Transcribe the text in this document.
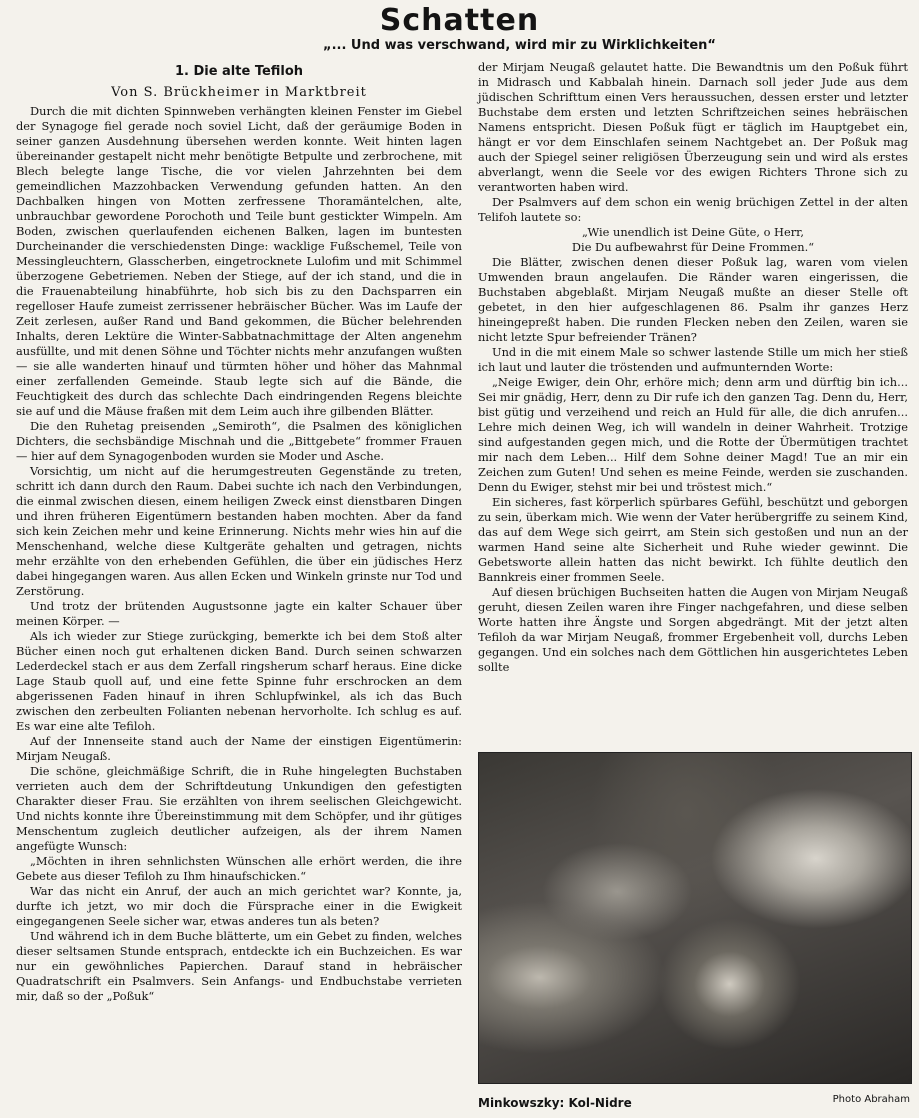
Schatten
„... Und was verschwand, wird mir zu Wirklichkeiten“
1. Die alte Tefiloh
Von S. Brückheimer in Marktbreit

Durch die mit dichten Spinnweben verhängten kleinen Fenster im Giebel der Synagoge fiel gerade noch soviel Licht, daß der geräumige Boden in seiner ganzen Ausdehnung übersehen werden konnte. Weit hinten lagen übereinander gestapelt nicht mehr benötigte Betpulte und zerbrochene, mit Blech belegte lange Tische, die vor vielen Jahrzehnten bei dem gemeindlichen Mazzohbacken Verwendung gefunden hatten. An den Dachbalken hingen von Motten zerfressene Thoramäntelchen, alte, unbrauchbar gewordene Porochoth und Teile bunt gestickter Wimpeln. Am Boden, zwischen querlaufenden eichenen Balken, lagen im buntesten Durcheinander die verschiedensten Dinge: wacklige Fußschemel, Teile von Messingleuchtern, Glasscherben, eingetrocknete Lulofim und mit Schimmel überzogene Gebetriemen. Neben der Stiege, auf der ich stand, und die in die Frauenabteilung hinabführte, hob sich bis zu den Dachsparren ein regelloser Haufe zumeist zerrissener hebräischer Bücher. Was im Laufe der Zeit zerlesen, außer Rand und Band gekommen, die Bücher belehrenden Inhalts, deren Lektüre die Winter-Sabbatnachmittage der Alten angenehm ausfüllte, und mit denen Söhne und Töchter nichts mehr anzufangen wußten — sie alle wanderten hinauf und türmten höher und höher das Mahnmal einer zerfallenden Gemeinde. Staub legte sich auf die Bände, die Feuchtigkeit des durch das schlechte Dach eindringenden Regens bleichte sie auf und die Mäuse fraßen mit dem Leim auch ihre gilbenden Blätter.

Die den Ruhetag preisenden „Semiroth“, die Psalmen des königlichen Dichters, die sechsbändige Mischnah und die „Bittgebete“ frommer Frauen — hier auf dem Synagogenboden wurden sie Moder und Asche.

Vorsichtig, um nicht auf die herumgestreuten Gegenstände zu treten, schritt ich dann durch den Raum. Dabei suchte ich nach den Verbindungen, die einmal zwischen diesen, einem heiligen Zweck einst dienstbaren Dingen und ihren früheren Eigentümern bestanden haben mochten. Aber da fand sich kein Zeichen mehr und keine Erinnerung. Nichts mehr wies hin auf die Menschenhand, welche diese Kultgeräte gehalten und getragen, nichts mehr erzählte von den erhebenden Gefühlen, die über ein jüdisches Herz dabei hingegangen waren. Aus allen Ecken und Winkeln grinste nur Tod und Zerstörung.

Und trotz der brütenden Augustsonne jagte ein kalter Schauer über meinen Körper. —

Als ich wieder zur Stiege zurückging, bemerkte ich bei dem Stoß alter Bücher einen noch gut erhaltenen dicken Band. Durch seinen schwarzen Lederdeckel stach er aus dem Zerfall ringsherum scharf heraus. Eine dicke Lage Staub quoll auf, und eine fette Spinne fuhr erschrocken an dem abgerissenen Faden hinauf in ihren Schlupfwinkel, als ich das Buch zwischen den zerbeulten Folianten nebenan hervorholte. Ich schlug es auf. Es war eine alte Tefiloh.

Auf der Innenseite stand auch der Name der einstigen Eigentümerin: Mirjam Neugaß.

Die schöne, gleichmäßige Schrift, die in Ruhe hingelegten Buchstaben verrieten auch dem der Schriftdeutung Unkundigen den gefestigten Charakter dieser Frau. Sie erzählten von ihrem seelischen Gleichgewicht. Und nichts konnte ihre Übereinstimmung mit dem Schöpfer, und ihr gütiges Menschentum zugleich deutlicher aufzeigen, als der ihrem Namen angefügte Wunsch:

„Möchten in ihren sehnlichsten Wünschen alle erhört werden, die ihre Gebete aus dieser Tefiloh zu Ihm hinaufschicken.“

War das nicht ein Anruf, der auch an mich gerichtet war? Konnte, ja, durfte ich jetzt, wo mir doch die Fürsprache einer in die Ewigkeit eingegangenen Seele sicher war, etwas anderes tun als beten?

Und während ich in dem Buche blätterte, um ein Gebet zu finden, welches dieser seltsamen Stunde entsprach, entdeckte ich ein Buchzeichen. Es war nur ein gewöhnliches Papierchen. Darauf stand in hebräischer Quadratschrift ein Psalmvers. Sein Anfangs- und Endbuchstabe verrieten mir, daß so der „Poßuk“

der Mirjam Neugaß gelautet hatte. Die Bewandtnis um den Poßuk führt in Midrasch und Kabbalah hinein. Darnach soll jeder Jude aus dem jüdischen Schrifttum einen Vers heraussuchen, dessen erster und letzter Buchstabe dem ersten und letzten Schriftzeichen seines hebräischen Namens entspricht. Diesen Poßuk fügt er täglich im Hauptgebet ein, hängt er vor dem Einschlafen seinem Nachtgebet an. Der Poßuk mag auch der Spiegel seiner religiösen Überzeugung sein und wird als erstes abverlangt, wenn die Seele vor des ewigen Richters Throne sich zu verantworten haben wird.

Der Psalmvers auf dem schon ein wenig brüchigen Zettel in der alten Telifoh lautete so:

„Wie unendlich ist Deine Güte, o Herr,

Die Du aufbewahrst für Deine Frommen.“

Die Blätter, zwischen denen dieser Poßuk lag, waren vom vielen Umwenden braun angelaufen. Die Ränder waren eingerissen, die Buchstaben abgeblaßt. Mirjam Neugaß mußte an dieser Stelle oft gebetet, in den hier aufgeschlagenen 86. Psalm ihr ganzes Herz hineingepreßt haben. Die runden Flecken neben den Zeilen, waren sie nicht letzte Spur befreiender Tränen?

Und in die mit einem Male so schwer lastende Stille um mich her stieß ich laut und lauter die tröstenden und aufmunternden Worte:

„Neige Ewiger, dein Ohr, erhöre mich; denn arm und dürftig bin ich... Sei mir gnädig, Herr, denn zu Dir rufe ich den ganzen Tag. Denn du, Herr, bist gütig und verzeihend und reich an Huld für alle, die dich anrufen... Lehre mich deinen Weg, ich will wandeln in deiner Wahrheit. Trotzige sind aufgestanden gegen mich, und die Rotte der Übermütigen trachtet mir nach dem Leben... Hilf dem Sohne deiner Magd! Tue an mir ein Zeichen zum Guten! Und sehen es meine Feinde, werden sie zuschanden. Denn du Ewiger, stehst mir bei und tröstest mich.“

Ein sicheres, fast körperlich spürbares Gefühl, beschützt und geborgen zu sein, überkam mich. Wie wenn der Vater herübergriffe zu seinem Kind, das auf dem Wege sich geirrt, am Stein sich gestoßen und nun an der warmen Hand seine alte Sicherheit und Ruhe wieder gewinnt. Die Gebetsworte allein hatten das nicht bewirkt. Ich fühlte deutlich den Bannkreis einer frommen Seele.

Auf diesen brüchigen Buchseiten hatten die Augen von Mirjam Neugaß geruht, diesen Zeilen waren ihre Finger nachgefahren, und diese selben Worte hatten ihre Ängste und Sorgen abgedrängt. Mit der jetzt alten Tefiloh da war Mirjam Neugaß, frommer Ergebenheit voll, durchs Leben gegangen. Und ein solches nach dem Göttlichen hin ausgerichtetes Leben sollte

Minkowszky: Kol-Nidre	Photo Abraham
